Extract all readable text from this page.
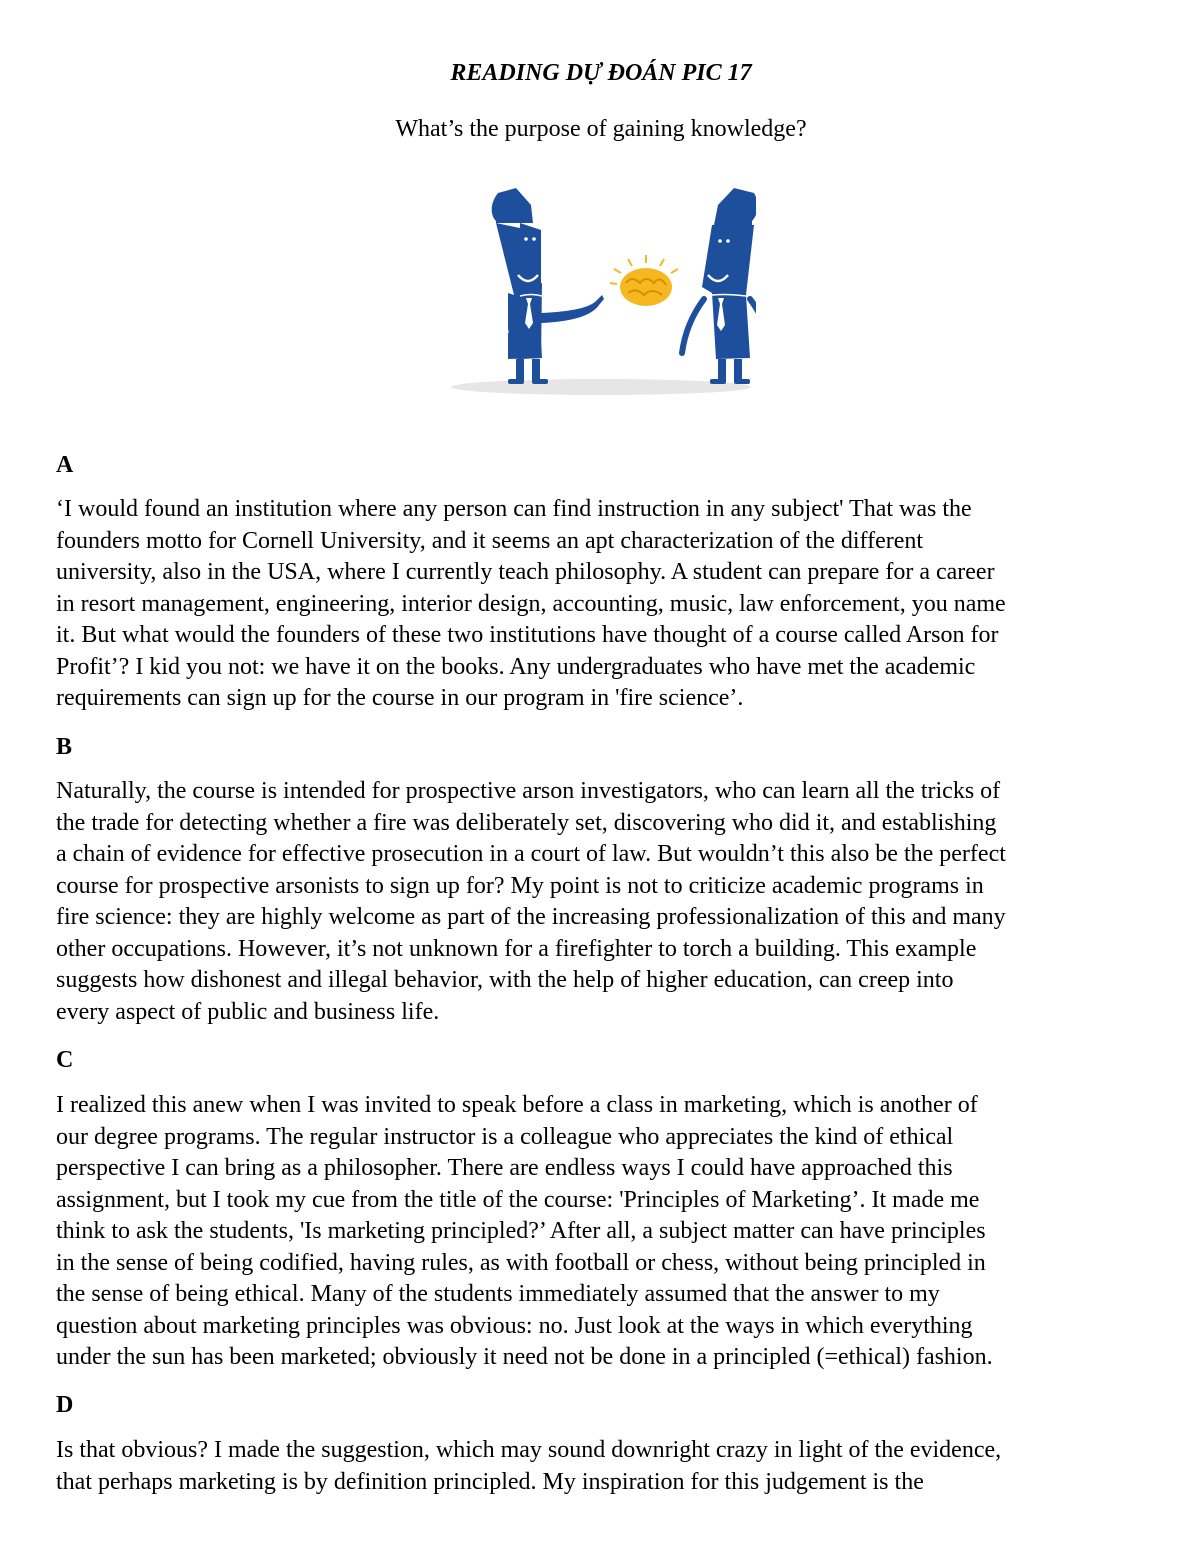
READING DỰ ĐOÁN PIC 17
What’s the purpose of gaining knowledge?
A
‘I would found an institution where any person can find instruction in any subject' That was the
founders motto for Cornell University, and it seems an apt characterization of the different
university, also in the USA, where I currently teach philosophy. A student can prepare for a career
in resort management, engineering, interior design, accounting, music, law enforcement, you name
it. But what would the founders of these two institutions have thought of a course called Arson for
Profit’? I kid you not: we have it on the books. Any undergraduates who have met the academic
requirements can sign up for the course in our program in 'fire science’.
B
Naturally, the course is intended for prospective arson investigators, who can learn all the tricks of
the trade for detecting whether a fire was deliberately set, discovering who did it, and establishing
a chain of evidence for effective prosecution in a court of law. But wouldn’t this also be the perfect
course for prospective arsonists to sign up for? My point is not to criticize academic programs in
fire science: they are highly welcome as part of the increasing professionalization of this and many
other occupations. However, it’s not unknown for a firefighter to torch a building. This example
suggests how dishonest and illegal behavior, with the help of higher education, can creep into
every aspect of public and business life.
C
I realized this anew when I was invited to speak before a class in marketing, which is another of
our degree programs. The regular instructor is a colleague who appreciates the kind of ethical
perspective I can bring as a philosopher. There are endless ways I could have approached this
assignment, but I took my cue from the title of the course: 'Principles of Marketing’. It made me
think to ask the students, 'Is marketing principled?’ After all, a subject matter can have principles
in the sense of being codified, having rules, as with football or chess, without being principled in
the sense of being ethical. Many of the students immediately assumed that the answer to my
question about marketing principles was obvious: no. Just look at the ways in which everything
under the sun has been marketed; obviously it need not be done in a principled (=ethical) fashion.
D
Is that obvious? I made the suggestion, which may sound downright crazy in light of the evidence,
that perhaps marketing is by definition principled. My inspiration for this judgement is the
